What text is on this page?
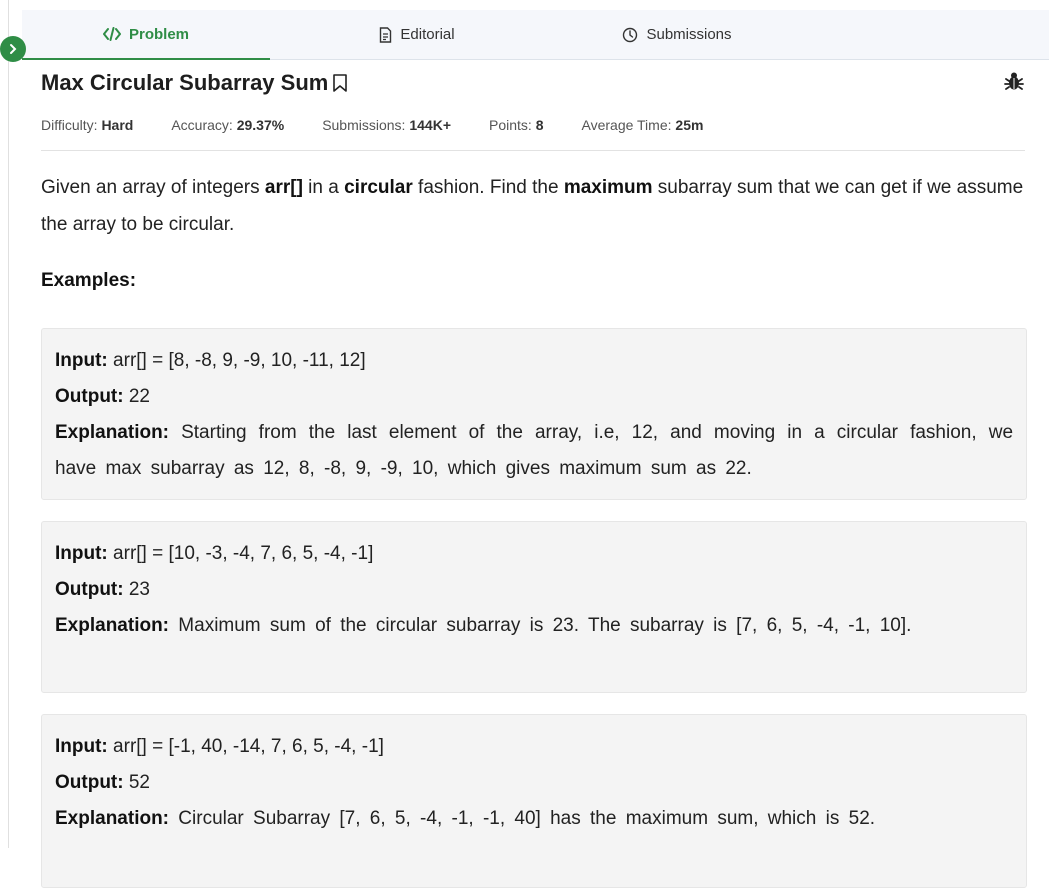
Problem	Editorial	Submissions
Max Circular Subarray Sum
Difficulty: Hard	Accuracy: 29.37%	Submissions: 144K+	Points: 8	Average Time: 25m
Given an array of integers arr[] in a circular fashion. Find the maximum subarray sum that we can get if we assume the array to be circular.
Examples:
Input: arr[] = [8, -8, 9, -9, 10, -11, 12]
Output: 22
Explanation: Starting from the last element of the array, i.e, 12, and moving in a circular fashion, we have max subarray as 12, 8, -8, 9, -9, 10, which gives maximum sum as 22.
Input: arr[] = [10, -3, -4, 7, 6, 5, -4, -1]
Output: 23
Explanation: Maximum sum of the circular subarray is 23. The subarray is [7, 6, 5, -4, -1, 10].
Input: arr[] = [-1, 40, -14, 7, 6, 5, -4, -1]
Output: 52
Explanation: Circular Subarray [7, 6, 5, -4, -1, -1, 40] has the maximum sum, which is 52.
